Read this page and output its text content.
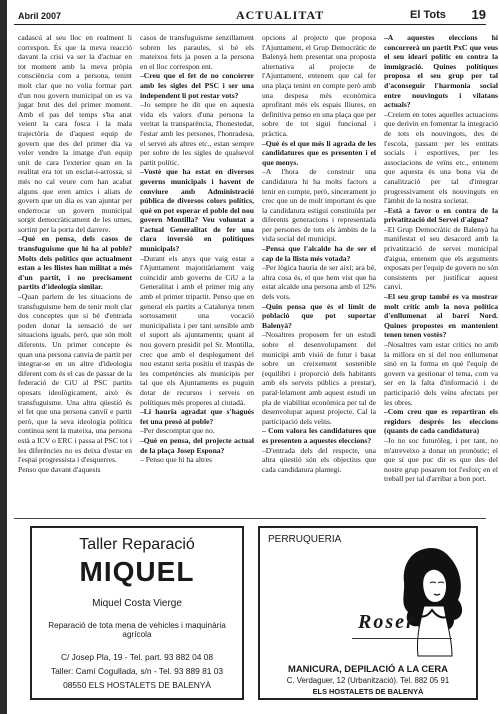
Abril 2007	ACTUALITAT	El Tots 19

cadascú al seu lloc en realment li correspon. És que la meva reacció davant la crisi va ser la d'actuar en tot moment amb la meva pròpia consciència com a persona, tenint molt clar que no volia formar part d'un nou govern municipal on es va jugar brut des del primer moment. Amb el pas del temps s'ha anat veient la cara fosca i la mala trajectòria de d'aquest equip de govern que des del primer dia va voler vendre la imatge d'un equip unit de cara l'exterior quan en la realitat era tot un esclat-i-arrossa, si més no cal veure com han acabat alguns que eren amics i aliats de govern que un dia es van ajuntar per enderrocar un govern municipal sorgit democràticament de les urnes, sortint per la porta del darrere.

–Què en pensa, dels casos de transfuguisme que hi ha al poble? Molts dels polítics que actualment estan a les llistes han militat a més d'un partit, i no precisament partits d'ideologia similar.

–Quan parlem de les situacions de transfuguisme hem de tenir molt clar dos conceptes que si bé d'entrada poden donar la sensació de ser situacions iguals, però, que són molt diferents. Un primer concepte és quan una persona canvia de partit per integrar-se en un altre d'ideologia diferent com és el cas de passar de la federació de CiU al PSC partits oposats ideològicament, això és transfuguisme. Una altra qüestió és el fet que una persona canviï e partit però, que la seva ideologia política continua sent la mateixa, una persona està a ICV o ERC i passa al PSC tot i les diferències no es deixa d'estar en l'espai progressista i d'esquerres.

Penso que davant d'aquests

casos de transfuguisme senzillament sobren les paraules, si bé els mateixos fets ja posen a la persona en el lloc correspon ent.

–Creu que el fet de no concórrer amb les sigles del PSC i ser una independent li pot restar vots?

–Jo sempre he dit que en aquesta vida els valors d'una persona la veritat la transparència, l'honestedat, l'estar amb les persones, l'honradesa, el servei als altres etc., estan sempre per sobre de les sigles de qualsevol partit polític.

–Vostè que ha estat en diversos governs municipals i havent de conviure amb Administració pública de diversos colors polítics, què en pot esperar el poble del nou govern Montilla? Veu voluntat a l'actual Generalitat de fer una clara inversió en polítiques municipals?

–Durant els anys que vaig estar a l'Ajuntament majoritàriament vaig coincidir amb governs de CiU a la Generalitat i amb el primer mig any amb el primer tripartit. Penso que en general els partits a Catalunya tenen sortosament una vocació municipalista i per tant sensible amb el suport als ajuntaments; quant al nou govern presidit pel Sr. Montilla, crec que amb el desplegament del nou estatut seria positiu el traspàs de les competències als municipis per tal que els Ajuntaments es puguin dotar de recursos i serveis en polítiques més properes al ciutadà.

–Li hauria agradat que s'hagués fet una presó al poble?

–Per descomptat que no.

–Què en pensa, del projecte actual de la plaça Josep Espona?

– Penso que hi ha altres

opcions al projecte que proposa l'Ajuntament, el Grup Democràtic de Balenyà hem presentat una proposta alternativa al projecte de l'Ajuntament, entenem que cal fer una plaça tenint en compte però amb una despesa més econòmica aprofitant més els espais lliures, en definitiva penso en una plaça que per sobre de tot sigui funcional i pràctica.

–Què és el que més li agrada de les candidatures que es presenten i el que menys.

–A l'hora de construir una candidatura hi ha molts factors a tenir en compte, però, sincerament jo crec que un de molt important és que la candidatura estigui constituïda per diferents generacions i representada per persones de tots els àmbits de la vida social del municipi.

–Pensa que l'alcalde ha de ser el cap de la llista més votada?

–Per lògica hauria de ser així; ara bé, altra cosa és, el que hem vist que ha estat alcalde una persona amb el 12% dels vots.

–Quin pensa que és el límit de població que pot suportar Balenyà?

–Nosaltres proposem fer un estudi sobre el desenvolupament del municipi amb visió de futur i basat sobre un creixement sostenible (equilibri i proporció dels habitants amb els serveis públics a prestar), paral·lelament amb aquest estudi un pla de viabilitat econòmica per tal de desenvolupar aquest projecte. Cal la participació dels veïns.

– Com valora les candidatures que es presenten a aquestes eleccions?

–D'entrada dels del respecte, una altra qüestió són els objectius que cada candidatura plantegi.

–A aquestes eleccions hi concorrerà un partit PxC que veus el seu ideari polític en contra la immigració. Quines polítiques proposa el seu grup per tal d'aconseguir l'harmonia social entre nouvinguts i vilatans actuals?

–Creiem en totes aquelles actuacions que derivin en fomentar la integració de tots els nouvingots, des de l'escola, passant per les entitats socials i esportives, per les associacions de veïns etc., entenem que aquesta és una bona via de canalització per tal d'integrar progressivament els nouvinguts en l'àmbit de la nostra societat.

–Està a favor o en contra de la privatització del Servei d'aigua?

–El Grup Democràtic de Balenyà ha manifestat el seu desacord amb la privatització de servei municipal d'aigua, entenem que els arguments exposats per l'equip de govern no són consistents per justificar aquest canvi.

–El seu grup també es va mostrar molt crític amb la nova política d'enllumenat al barri Nord. Quines propostes en mantenient tenen tenen vostès?

–Nosaltres vam estar crítics no amb la millora en sí del nou enllumenat sinó en la forma en què l'equip de govern va gestionar el tema, com va ser en la falta d'informació i de participació dels veïns afectats per les obres.

–Com creu que es repartiran els regidors després les eleccions (quants de cada candidatura)

–Jo no soc futuròleg, i per tant, no m'atreveixo a donar un pronòstic; el que sí que puc dir es que des del nostre grup posarem tot l'esforç en el treball per tal d'arribar a bon port.

Taller Reparació
MIQUEL
Miquel Costa Vierge
Reparació de tota mena de vehicles i maquinària agrícola
C/ Josep Pla, 19 - Tel. part. 93 882 04 08
Taller: Camí Cogullada, s/n - Tel. 93 889 81 03
08550 ELS HOSTALETS DE BALENYÀ
PERRUQUERIA
Roser
MANICURA, DEPILACIÓ A LA CERA
C. Verdaguer, 12 (Urbanització). Tel. 882 05 91
ELS HOSTALETS DE BALENYÀ
